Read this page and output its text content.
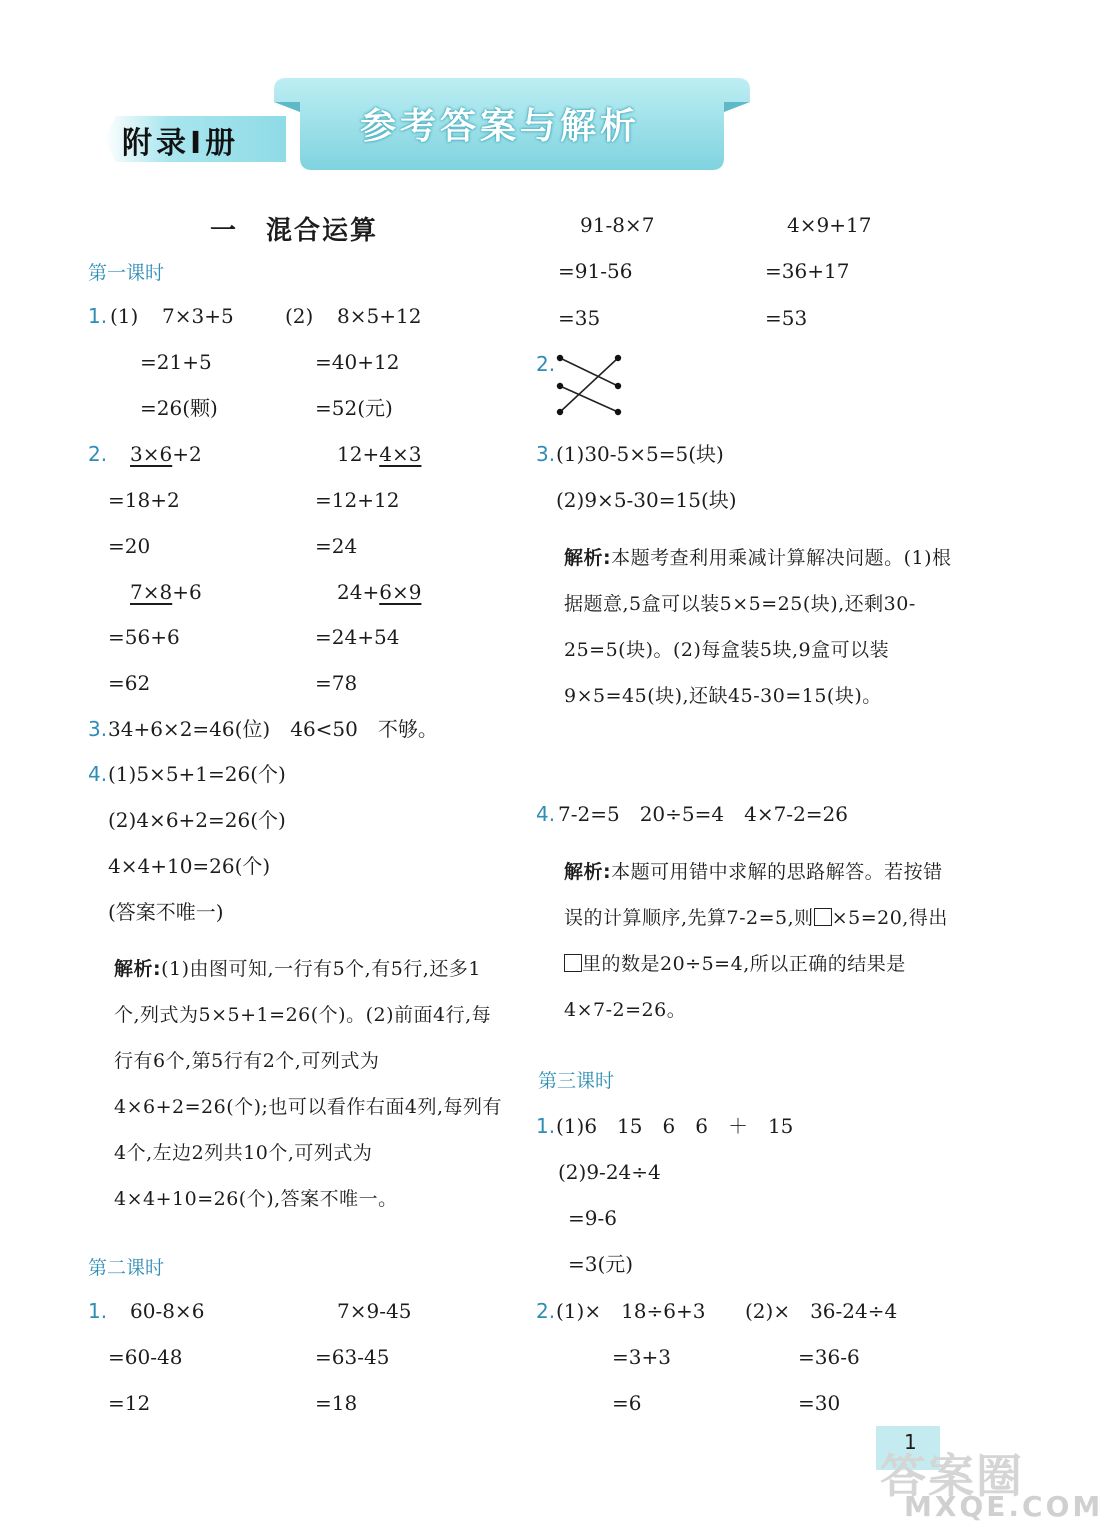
附录Ⅰ册	参考答案与解析
一　混合运算
第一课时
1. (1) 7×3+5
=21+5
=26(颗)
(2) 8×5+12
=40+12
=52(元)
2. 3×6+2
=18+2
=20
12+4×3
=12+12
=24
7×8+6
=56+6
=62
24+6×9
=24+54
=78
3. 34+6×2=46(位)　46<50　不够。
4. (1)5×5+1=26(个)
(2)4×6+2=26(个)
4×4+10=26(个)
(答案不唯一)
解析:(1)由图可知,一行有5个,有5行,还多1个,列式为5×5+1=26(个)。(2)前面4行,每行有6个,第5行有2个,可列式为4×6+2=26(个);也可以看作右面4列,每列有4个,左边2列共10个,可列式为4×4+10=26(个),答案不唯一。
第二课时
1. 60-8×6
=60-48
=12
7×9-45
=63-45
=18
91-8×7
=91-56
=35
4×9+17
=36+17
=53
2.
3. (1)30-5×5=5(块)
(2)9×5-30=15(块)
解析:本题考查利用乘减计算解决问题。(1)根据题意,5盒可以装5×5=25(块),还剩30-25=5(块)。(2)每盒装5块,9盒可以装9×5=45(块),还缺45-30=15(块)。
4. 7-2=5　20÷5=4　4×7-2=26
解析:本题可用错中求解的思路解答。若按错误的计算顺序,先算7-2=5,则 ×5=20,得出里的数是20÷5=4,所以正确的结果是4×7-2=26。
第三课时
1. (1)6　15　6　6　＋　15
(2)9-24÷4
=9-6
=3(元)
2. (1)×　18÷6+3
=3+3
=6
(2)×　36-24÷4
=36-6
=30
1
答案圈
MXQE.COM
